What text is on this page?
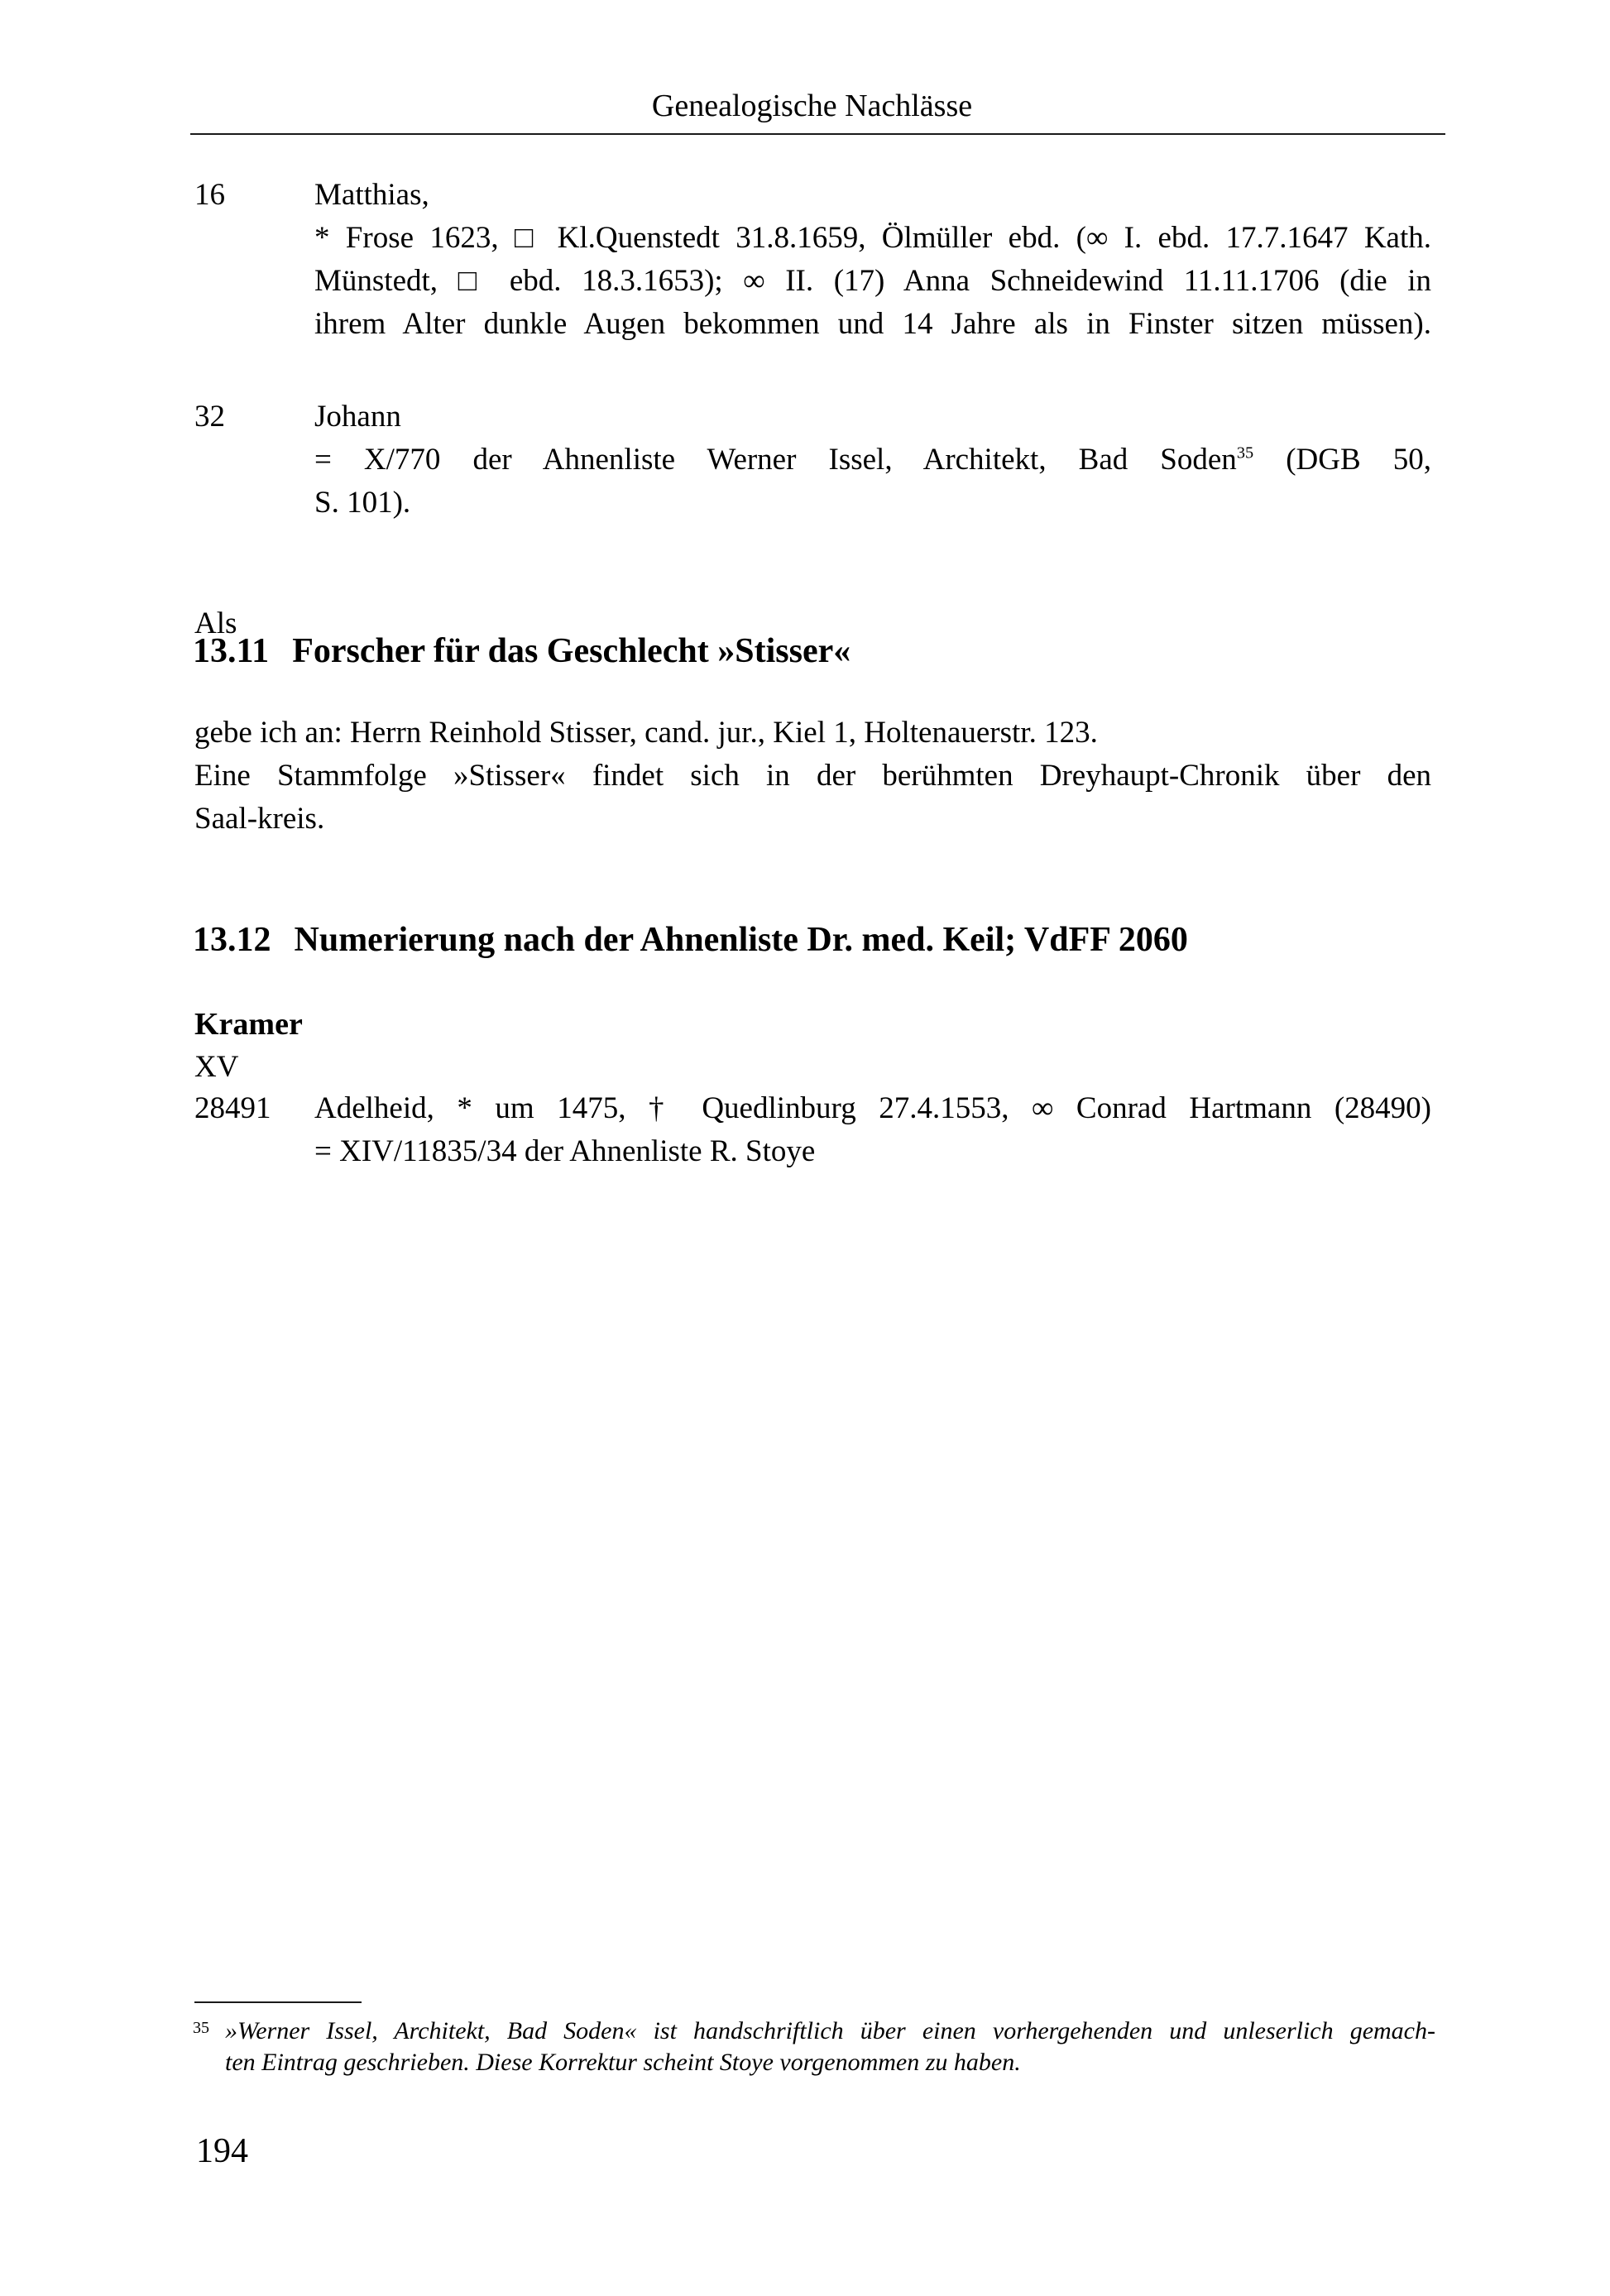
Genealogische Nachlässe
16	Matthias,
* Frose 1623, □ Kl.Quenstedt 31.8.1659, Ölmüller ebd. (∞ I. ebd. 17.7.1647 Kath.
Münstedt, □ ebd. 18.3.1653); ∞ II. (17) Anna Schneidewind 11.11.1706 (die in
ihrem Alter dunkle Augen bekommen und 14 Jahre als in Finster sitzen müssen).
32	Johann
= X/770 der Ahnenliste Werner Issel, Architekt, Bad Soden$^{35}$ (DGB 50,
S. 101).
Als
13.11 Forscher für das Geschlecht »Stisser«
gebe ich an: Herrn Reinhold Stisser, cand. jur., Kiel 1, Holtenauerstr. 123.
Eine Stammfolge »Stisser« findet sich in der berühmten Dreyhaupt-Chronik über den
Saal-kreis.
13.12 Numerierung nach der Ahnenliste Dr. med. Keil; VdFF 2060
Kramer
XV
28491	Adelheid, * um 1475, † Quedlinburg 27.4.1553, ∞ Conrad Hartmann (28490)
= XIV/11835/34 der Ahnenliste R. Stoye
35 »Werner Issel, Architekt, Bad Soden« ist handschriftlich über einen vorhergehenden und unleserlich gemach-
ten Eintrag geschrieben. Diese Korrektur scheint Stoye vorgenommen zu haben.
194
